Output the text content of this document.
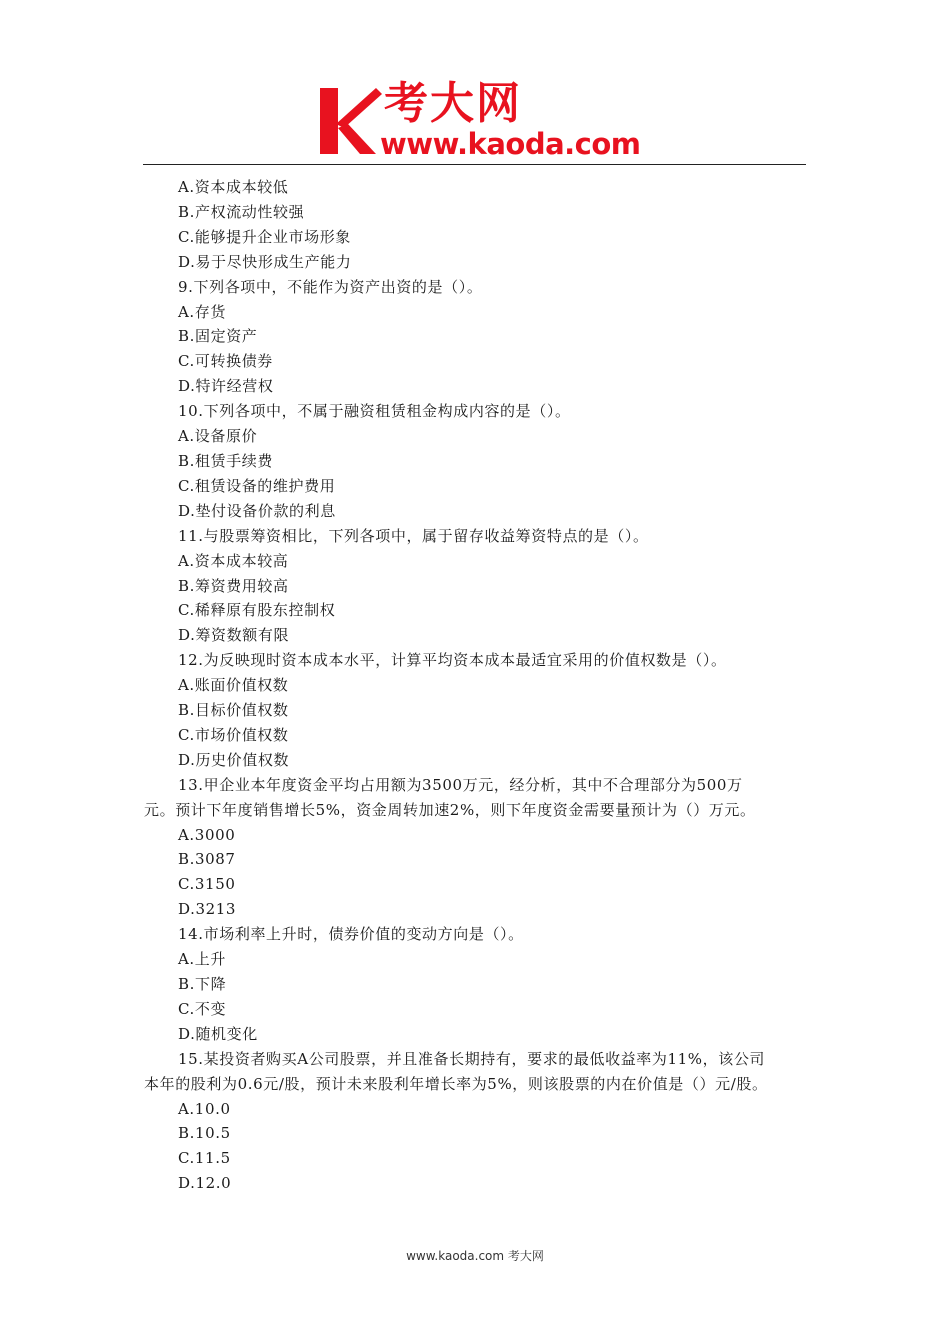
考大网
www.kaoda.com
A.资本成本较低
B.产权流动性较强
C.能够提升企业市场形象
D.易于尽快形成生产能力
9.下列各项中，不能作为资产出资的是（）。
A.存货
B.固定资产
C.可转换债券
D.特许经营权
10.下列各项中，不属于融资租赁租金构成内容的是（）。
A.设备原价
B.租赁手续费
C.租赁设备的维护费用
D.垫付设备价款的利息
11.与股票筹资相比，下列各项中，属于留存收益筹资特点的是（）。
A.资本成本较高
B.筹资费用较高
C.稀释原有股东控制权
D.筹资数额有限
12.为反映现时资本成本水平，计算平均资本成本最适宜采用的价值权数是（）。
A.账面价值权数
B.目标价值权数
C.市场价值权数
D.历史价值权数
13.甲企业本年度资金平均占用额为3500万元，经分析，其中不合理部分为500万
元。预计下年度销售增长5%，资金周转加速2%，则下年度资金需要量预计为（）万元。
A.3000
B.3087
C.3150
D.3213
14.市场利率上升时，债券价值的变动方向是（）。
A.上升
B.下降
C.不变
D.随机变化
15.某投资者购买A公司股票，并且准备长期持有，要求的最低收益率为11%，该公司
本年的股利为0.6元/股，预计未来股利年增长率为5%，则该股票的内在价值是（）元/股。
A.10.0
B.10.5
C.11.5
D.12.0
www.kaoda.com 考大网
